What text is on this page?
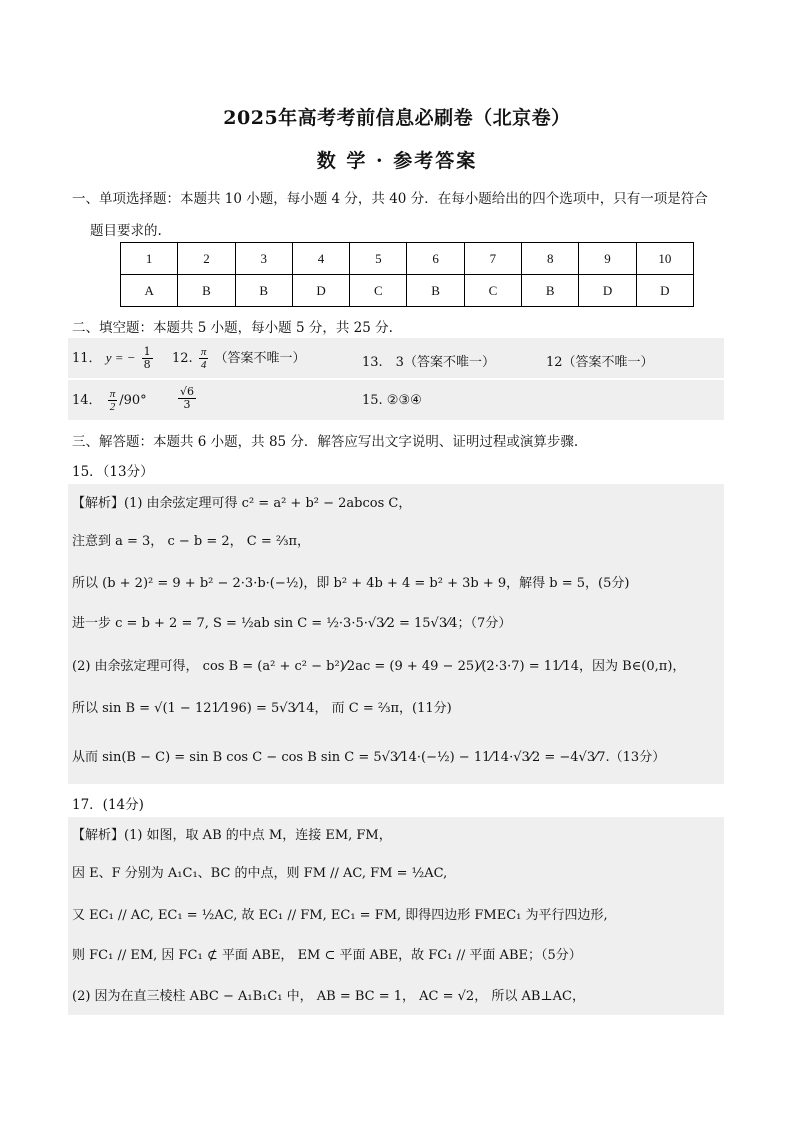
2025年高考考前信息必刷卷（北京卷）
数 学 · 参考答案
一、单项选择题：本题共 10 小题，每小题 4 分，共 40 分．在每小题给出的四个选项中，只有一项是符合
题目要求的.
1	2	3	4	5	6	7	8	9	10
A	B	B	D	C	B	C	B	D	D
二、填空题：本题共 5 小题，每小题 5 分，共 25 分.
11． y = − $\frac{1}{8} 12$. $\frac{\pi}{4}$ （答案不唯一）	13.　3（答案不唯一）	12（答案不唯一）
14． $\frac{\pi}{2} /90^\circ$	$\frac{√6}{3}$	15. ②③④
三、解答题：本题共 6 小题，共 85 分．解答应写出文字说明、证明过程或演算步骤.
15．（13分）
【解析】(1) 由余弦定理可得 c² = a² + b² − 2abcos C，
注意到 a = 3， c − b = 2， C = ⅔π，
所以 (b + 2)² = 9 + b² − 2·3·b·(−½)，即 b² + 4b + 4 = b² + 3b + 9，解得 b = 5，(5分)
进一步 c = b + 2 = 7, S = ½ab sin C = ½·3·5·√3⁄2 = 15√3⁄4；（7分）
(2) 由余弦定理可得， cos B = (a² + c² − b²)⁄2ac = (9 + 49 − 25)⁄(2·3·7) = 11⁄14，因为 B∈(0,π)，
所以 sin B = √(1 − 121⁄196) = 5√3⁄14， 而 C = ⅔π，(11分)
从而 sin(B − C) = sin B cos C − cos B sin C = 5√3⁄14·(−½) − 11⁄14·√3⁄2 = −4√3⁄7.（13分）
17．(14分)
【解析】(1) 如图，取 AB 的中点 M，连接 EM, FM，
因 E、F 分别为 A₁C₁、BC 的中点，则 FM // AC, FM = ½AC,
又 EC₁ // AC, EC₁ = ½AC, 故 EC₁ // FM, EC₁ = FM, 即得四边形 FMEC₁ 为平行四边形,
则 FC₁ // EM, 因 FC₁ ⊄ 平面 ABE， EM ⊂ 平面 ABE，故 FC₁ // 平面 ABE；（5分）
(2) 因为在直三棱柱 ABC − A₁B₁C₁ 中， AB = BC = 1， AC = √2， 所以 AB⊥AC，
